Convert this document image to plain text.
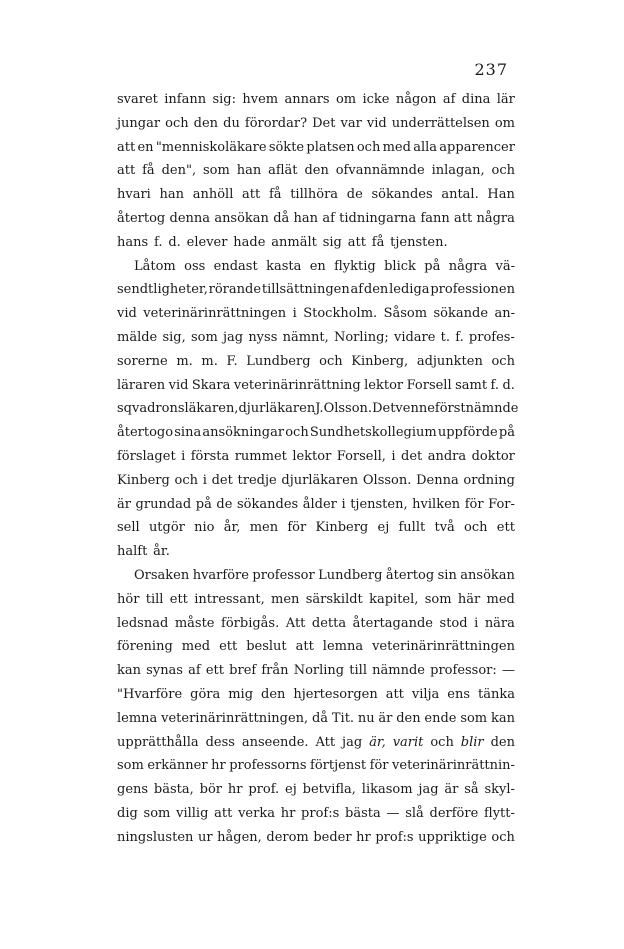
237
svaret infann sig: hvem annars om icke någon af dina lär
jungar och den du förordar? Det var vid underrättelsen om
att en "menniskoläkare sökte platsen och med alla apparencer
att få den", som han aflät den ofvannämnde inlagan, och
hvari han anhöll att få tillhöra de sökandes antal. Han
återtog denna ansökan då han af tidningarna fann att några
hans f. d. elever hade anmält sig att få tjensten.
Låtom oss endast kasta en flyktig blick på några vä-
sendtligheter, rörande tillsättningen af den lediga professionen
vid veterinärinrättningen i Stockholm. Såsom sökande an-
mälde sig, som jag nyss nämnt, Norling; vidare t. f. profes-
sorerne m. m. F. Lundberg och Kinberg, adjunkten och
läraren vid Skara veterinärinrättning lektor Forsell samt f. d.
sqvadronsläkaren, djurläkaren J. Olsson. De tvenne förstnämnde
återtogo sina ansökningar och Sundhetskollegium uppförde på
förslaget i första rummet lektor Forsell, i det andra doktor
Kinberg och i det tredje djurläkaren Olsson. Denna ordning
är grundad på de sökandes ålder i tjensten, hvilken för For-
sell utgör nio år, men för Kinberg ej fullt två och ett
halft år.
Orsaken hvarföre professor Lundberg återtog sin ansökan
hör till ett intressant, men särskildt kapitel, som här med
ledsnad måste förbigås. Att detta återtagande stod i nära
förening med ett beslut att lemna veterinärinrättningen
kan synas af ett bref från Norling till nämnde professor: —
"Hvarföre göra mig den hjertesorgen att vilja ens tänka
lemna veterinärinrättningen, då Tit. nu är den ende som kan
upprätthålla dess anseende. Att jag är, varit och blir den
som erkänner hr professorns förtjenst för veterinärinrättnin-
gens bästa, bör hr prof. ej betvifla, likasom jag är så skyl-
dig som villig att verka hr prof:s bästa — slå derföre flytt-
ningslusten ur hågen, derom beder hr prof:s uppriktige och
